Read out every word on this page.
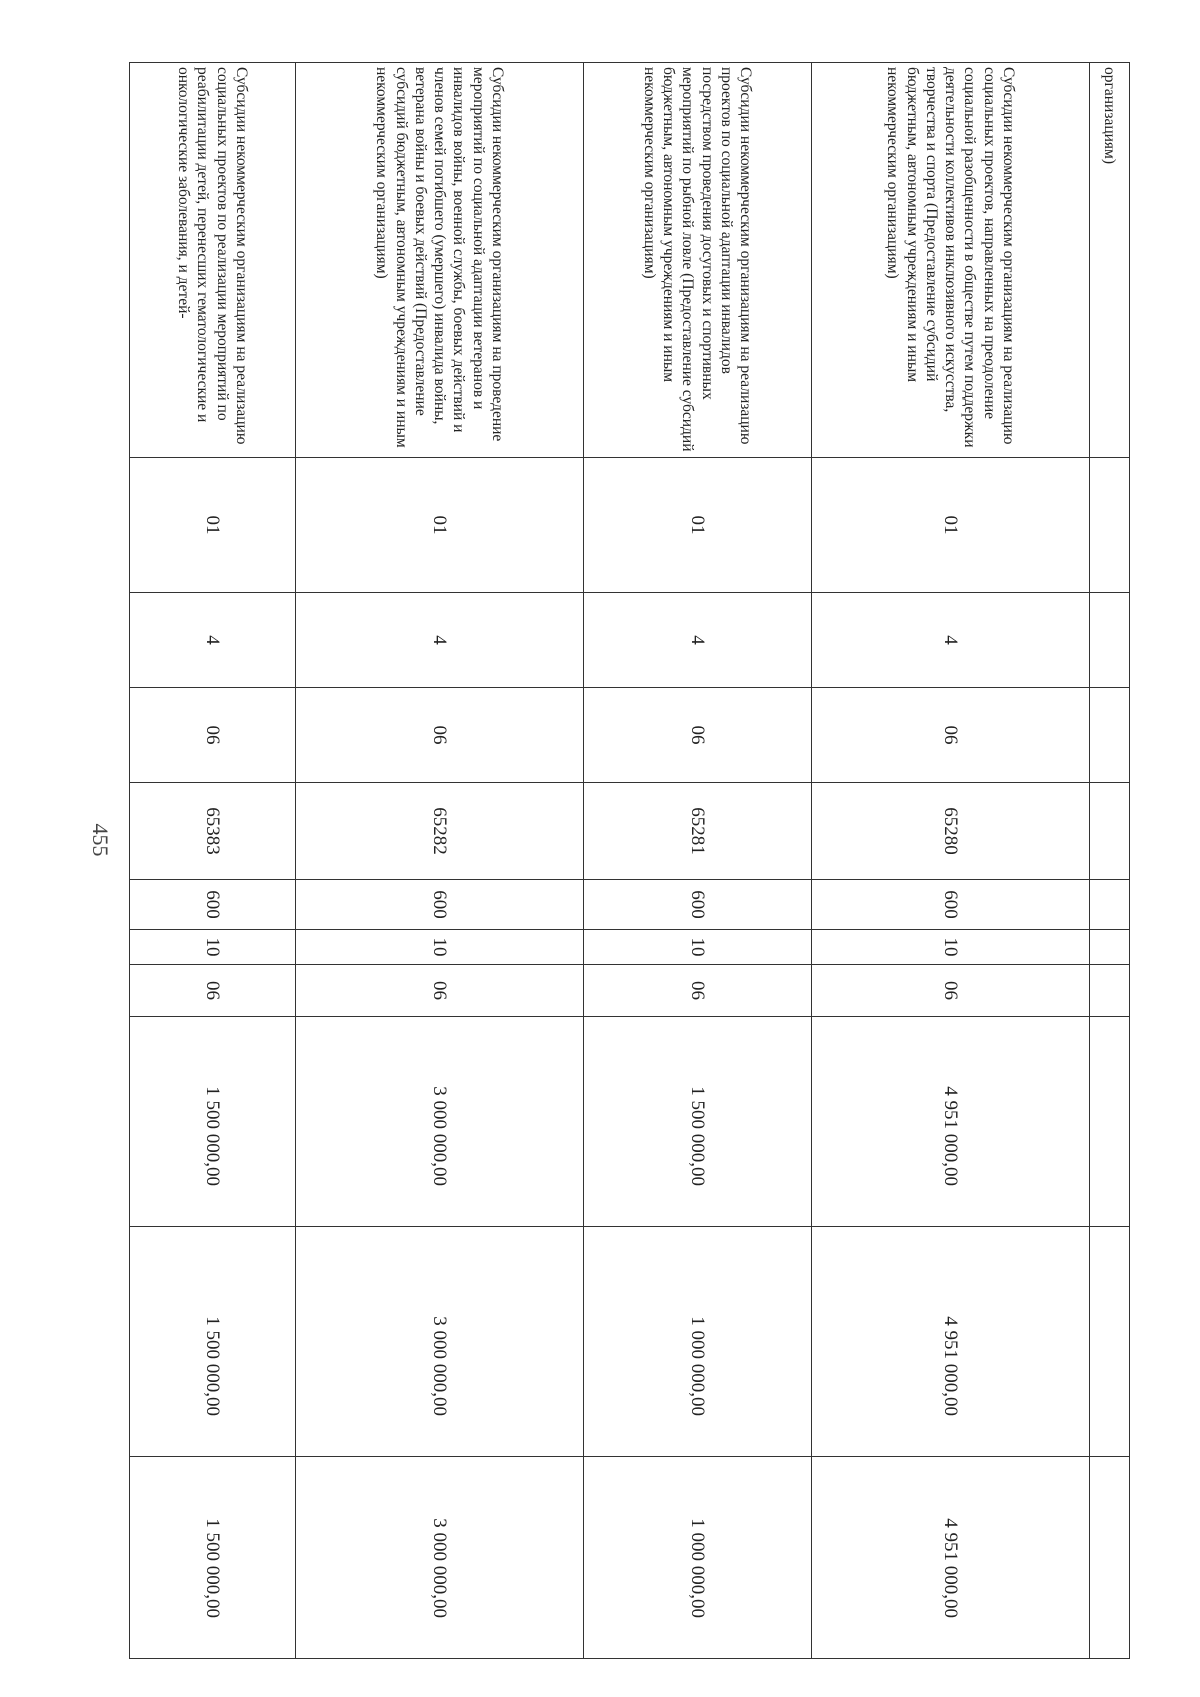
455
организациям)										
Субсидии некоммерческим организациям на реализацию социальных проектов, направленных на преодоление социальной разобщенности в обществе путем поддержки деятельности коллективов инклюзивного искусства, творчества и спорта (Предоставление субсидий бюджетным, автономным учреждениям и иным некоммерческим организациям)	01	4	06	65280	600	10	06	4 951 000,00	4 951 000,00	4 951 000,00
Субсидии некоммерческим организациям на реализацию проектов по социальной адаптации инвалидов посредством проведения досуговых и спортивных мероприятий по рыбной ловле (Предоставление субсидий бюджетным, автономным учреждениям и иным некоммерческим организациям)	01	4	06	65281	600	10	06	1 500 000,00	1 000 000,00	1 000 000,00
Субсидии некоммерческим организациям на проведение мероприятий по социальной адаптации ветеранов и инвалидов войны, военной службы, боевых действий и членов семей погибшего (умершего) инвалида войны, ветерана войны и боевых действий (Предоставление субсидий бюджетным, автономным учреждениям и иным некоммерческим организациям)	01	4	06	65282	600	10	06	3 000 000,00	3 000 000,00	3 000 000,00
Субсидии некоммерческим организациям на реализацию социальных проектов по реализации мероприятий по реабилитации детей, перенесших гематологические и онкологические заболевания, и детей-	01	4	06	65383	600	10	06	1 500 000,00	1 500 000,00	1 500 000,00
